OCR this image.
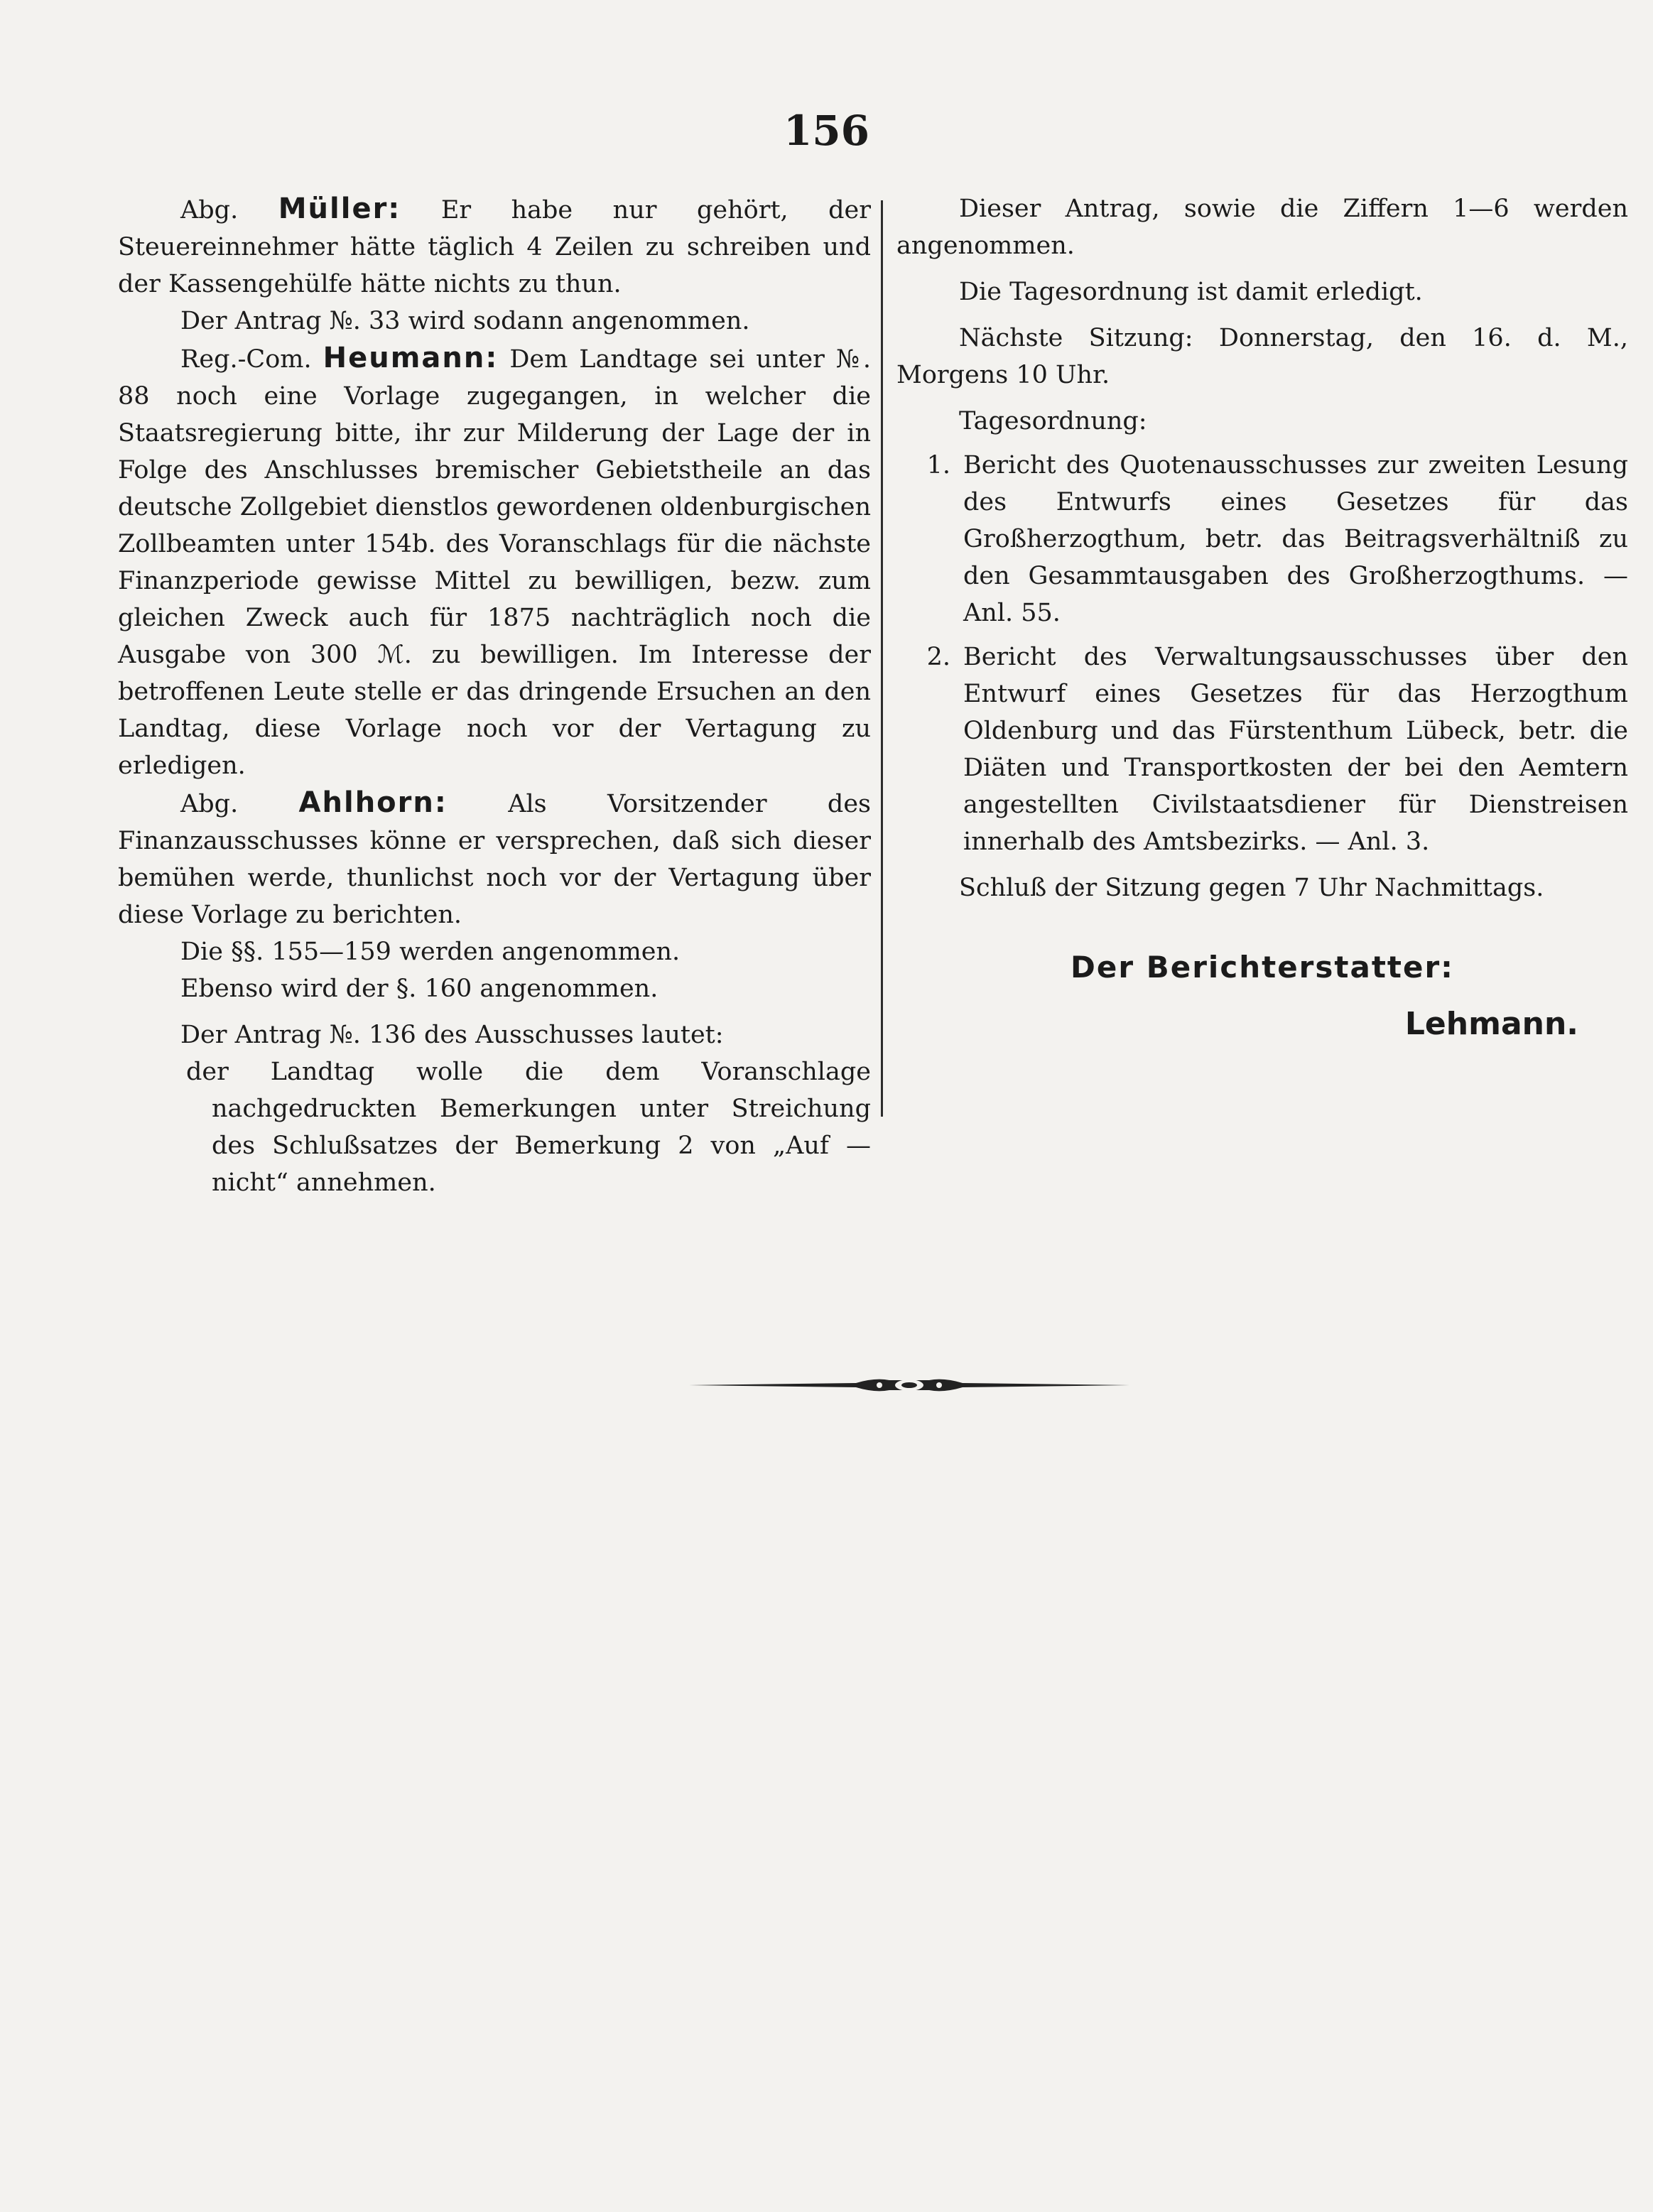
156

Abg. Müller: Er habe nur gehört, der Steuereinnehmer hätte täglich 4 Zeilen zu schreiben und der Kassengehülfe hätte nichts zu thun.

Der Antrag №. 33 wird sodann angenommen.

Reg.-Com. Heumann: Dem Landtage sei unter №. 88 noch eine Vorlage zugegangen, in welcher die Staatsregierung bitte, ihr zur Milderung der Lage der in Folge des Anschlusses bremischer Gebietstheile an das deutsche Zollgebiet dienstlos gewordenen oldenburgischen Zollbeamten unter 154b. des Voranschlags für die nächste Finanzperiode gewisse Mittel zu bewilligen, bezw. zum gleichen Zweck auch für 1875 nachträglich noch die Ausgabe von 300 ℳ. zu bewilligen. Im Interesse der betroffenen Leute stelle er das dringende Ersuchen an den Landtag, diese Vorlage noch vor der Vertagung zu erledigen.

Abg. Ahlhorn: Als Vorsitzender des Finanzausschusses könne er versprechen, daß sich dieser bemühen werde, thunlichst noch vor der Vertagung über diese Vorlage zu berichten.

Die §§. 155—159 werden angenommen.

Ebenso wird der §. 160 angenommen.

Der Antrag №. 136 des Ausschusses lautet:

der Landtag wolle die dem Voranschlage nachgedruckten Bemerkungen unter Streichung des Schlußsatzes der Bemerkung 2 von „Auf — nicht“ annehmen.

Dieser Antrag, sowie die Ziffern 1—6 werden angenommen.

Die Tagesordnung ist damit erledigt.

Nächste Sitzung: Donnerstag, den 16. d. M., Morgens 10 Uhr.

Tagesordnung:

1. Bericht des Quotenausschusses zur zweiten Lesung des Entwurfs eines Gesetzes für das Großherzogthum, betr. das Beitragsverhältniß zu den Gesammtausgaben des Großherzogthums. — Anl. 55.
2. Bericht des Verwaltungsausschusses über den Entwurf eines Gesetzes für das Herzogthum Oldenburg und das Fürstenthum Lübeck, betr. die Diäten und Transportkosten der bei den Aemtern angestellten Civilstaatsdiener für Dienstreisen innerhalb des Amtsbezirks. — Anl. 3.

Schluß der Sitzung gegen 7 Uhr Nachmittags.

Der Berichterstatter:
Lehmann.
